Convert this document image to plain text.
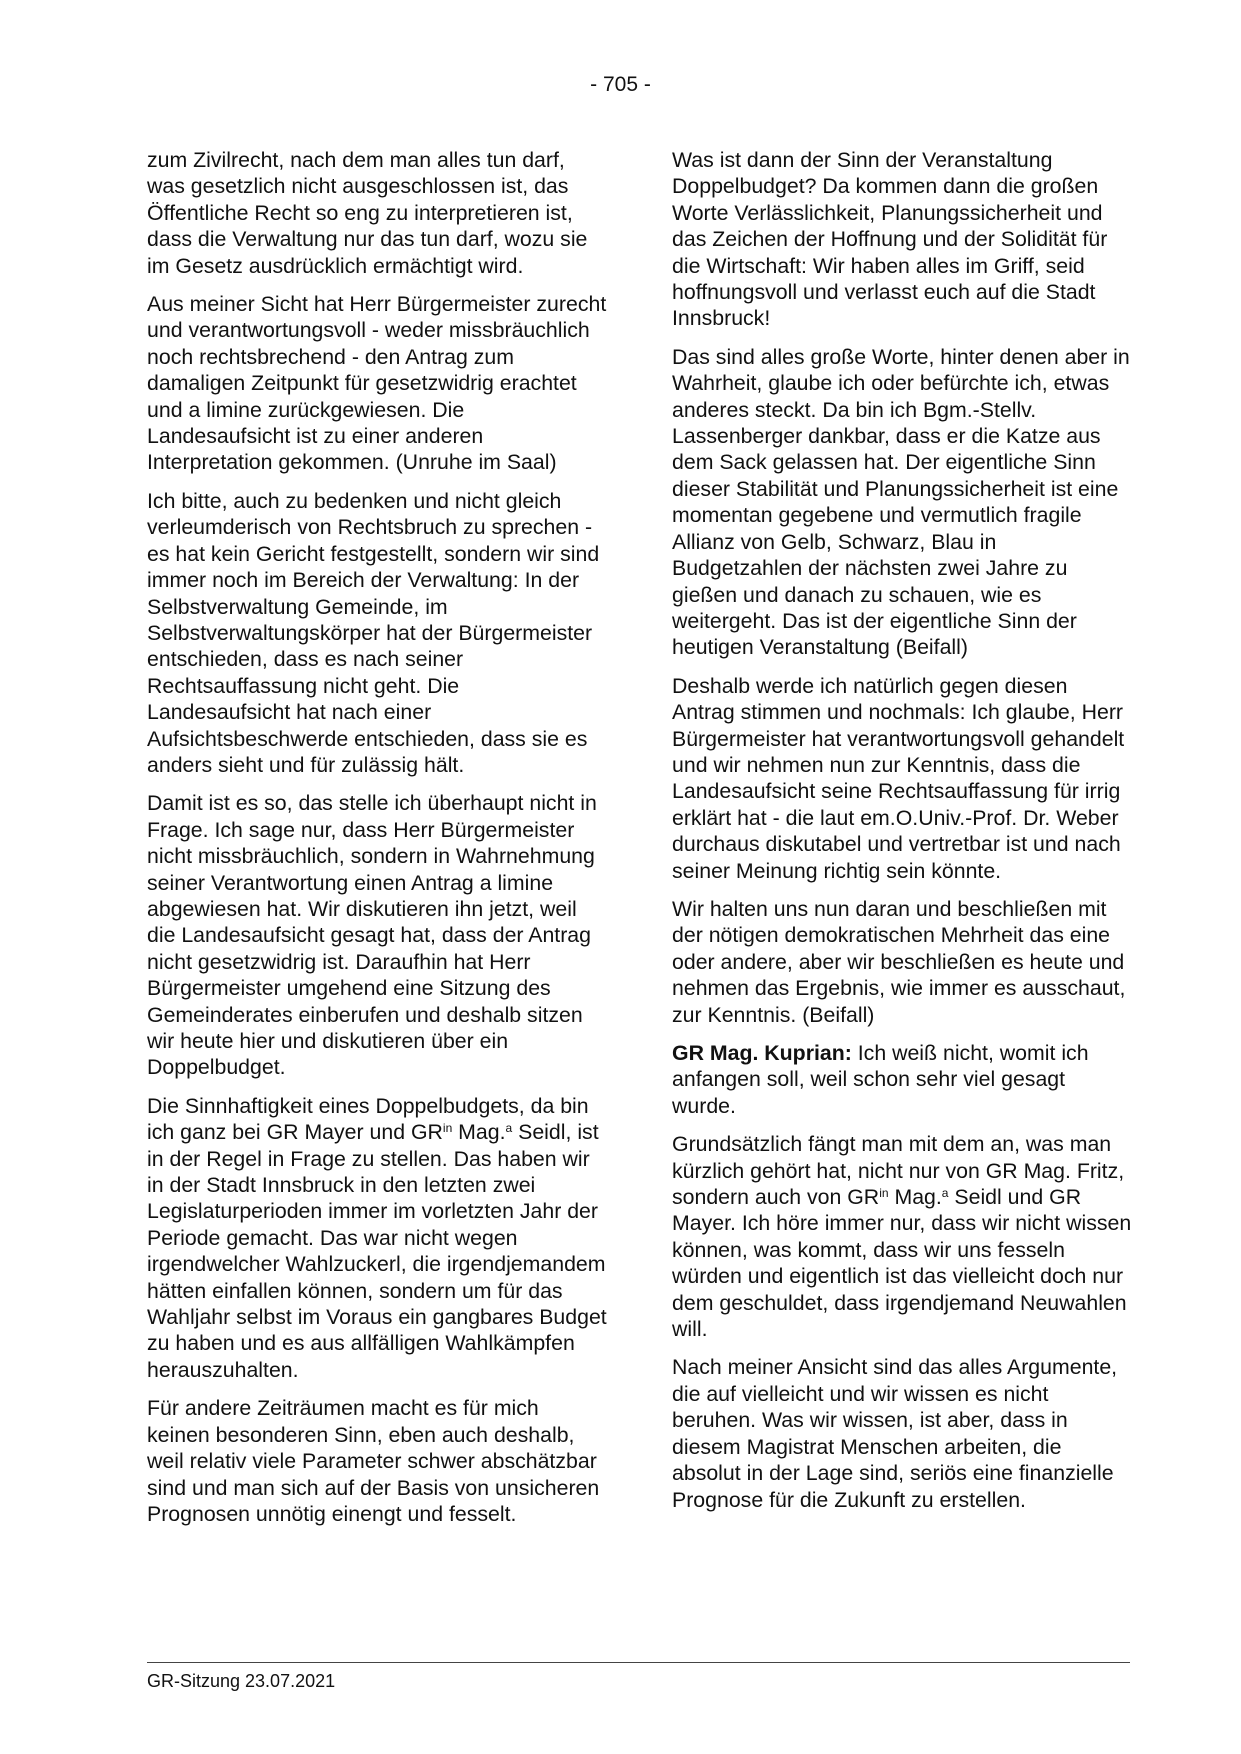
- 705 -

zum Zivilrecht, nach dem man alles tun darf, was gesetzlich nicht ausgeschlossen ist, das Öffentliche Recht so eng zu interpretieren ist, dass die Verwaltung nur das tun darf, wozu sie im Gesetz ausdrücklich ermächtigt wird.

Aus meiner Sicht hat Herr Bürgermeister zurecht und verantwortungsvoll - weder missbräuchlich noch rechtsbrechend - den Antrag zum damaligen Zeitpunkt für gesetzwidrig erachtet und a limine zurückgewiesen. Die Landesaufsicht ist zu einer anderen Interpretation gekommen. (Unruhe im Saal)

Ich bitte, auch zu bedenken und nicht gleich verleumderisch von Rechtsbruch zu sprechen - es hat kein Gericht festgestellt, sondern wir sind immer noch im Bereich der Verwaltung: In der Selbstverwaltung Gemeinde, im Selbstverwaltungskörper hat der Bürgermeister entschieden, dass es nach seiner Rechtsauffassung nicht geht. Die Landesaufsicht hat nach einer Aufsichtsbeschwerde entschieden, dass sie es anders sieht und für zulässig hält.

Damit ist es so, das stelle ich überhaupt nicht in Frage. Ich sage nur, dass Herr Bürgermeister nicht missbräuchlich, sondern in Wahrnehmung seiner Verantwortung einen Antrag a limine abgewiesen hat. Wir diskutieren ihn jetzt, weil die Landesaufsicht gesagt hat, dass der Antrag nicht gesetzwidrig ist. Daraufhin hat Herr Bürgermeister umgehend eine Sitzung des Gemeinderates einberufen und deshalb sitzen wir heute hier und diskutieren über ein Doppelbudget.

Die Sinnhaftigkeit eines Doppelbudgets, da bin ich ganz bei GR Mayer und $GR^{in}$ Mag.$^a$ Seidl, ist in der Regel in Frage zu stellen. Das haben wir in der Stadt Innsbruck in den letzten zwei Legislaturperioden immer im vorletzten Jahr der Periode gemacht. Das war nicht wegen irgendwelcher Wahlzuckerl, die irgendjemandem hätten einfallen können, sondern um für das Wahljahr selbst im Voraus ein gangbares Budget zu haben und es aus allfälligen Wahlkämpfen herauszuhalten.

Für andere Zeiträumen macht es für mich keinen besonderen Sinn, eben auch deshalb, weil relativ viele Parameter schwer abschätzbar sind und man sich auf der Basis von unsicheren Prognosen unnötig einengt und fesselt.

Was ist dann der Sinn der Veranstaltung Doppelbudget? Da kommen dann die großen Worte Verlässlichkeit, Planungssicherheit und das Zeichen der Hoffnung und der Solidität für die Wirtschaft: Wir haben alles im Griff, seid hoffnungsvoll und verlasst euch auf die Stadt Innsbruck!

Das sind alles große Worte, hinter denen aber in Wahrheit, glaube ich oder befürchte ich, etwas anderes steckt. Da bin ich Bgm.-Stellv. Lassenberger dankbar, dass er die Katze aus dem Sack gelassen hat. Der eigentliche Sinn dieser Stabilität und Planungssicherheit ist eine momentan gegebene und vermutlich fragile Allianz von Gelb, Schwarz, Blau in Budgetzahlen der nächsten zwei Jahre zu gießen und danach zu schauen, wie es weitergeht. Das ist der eigentliche Sinn der heutigen Veranstaltung (Beifall)

Deshalb werde ich natürlich gegen diesen Antrag stimmen und nochmals: Ich glaube, Herr Bürgermeister hat verantwortungsvoll gehandelt und wir nehmen nun zur Kenntnis, dass die Landesaufsicht seine Rechtsauffassung für irrig erklärt hat - die laut em.O.Univ.-Prof. Dr. Weber durchaus diskutabel und vertretbar ist und nach seiner Meinung richtig sein könnte.

Wir halten uns nun daran und beschließen mit der nötigen demokratischen Mehrheit das eine oder andere, aber wir beschließen es heute und nehmen das Ergebnis, wie immer es ausschaut, zur Kenntnis. (Beifall)

GR Mag. Kuprian: Ich weiß nicht, womit ich anfangen soll, weil schon sehr viel gesagt wurde.

Grundsätzlich fängt man mit dem an, was man kürzlich gehört hat, nicht nur von GR Mag. Fritz, sondern auch von $GR^{in}$ Mag.$^a$ Seidl und GR Mayer. Ich höre immer nur, dass wir nicht wissen können, was kommt, dass wir uns fesseln würden und eigentlich ist das vielleicht doch nur dem geschuldet, dass irgendjemand Neuwahlen will.

Nach meiner Ansicht sind das alles Argumente, die auf vielleicht und wir wissen es nicht beruhen. Was wir wissen, ist aber, dass in diesem Magistrat Menschen arbeiten, die absolut in der Lage sind, seriös eine finanzielle Prognose für die Zukunft zu erstellen.

GR-Sitzung 23.07.2021
